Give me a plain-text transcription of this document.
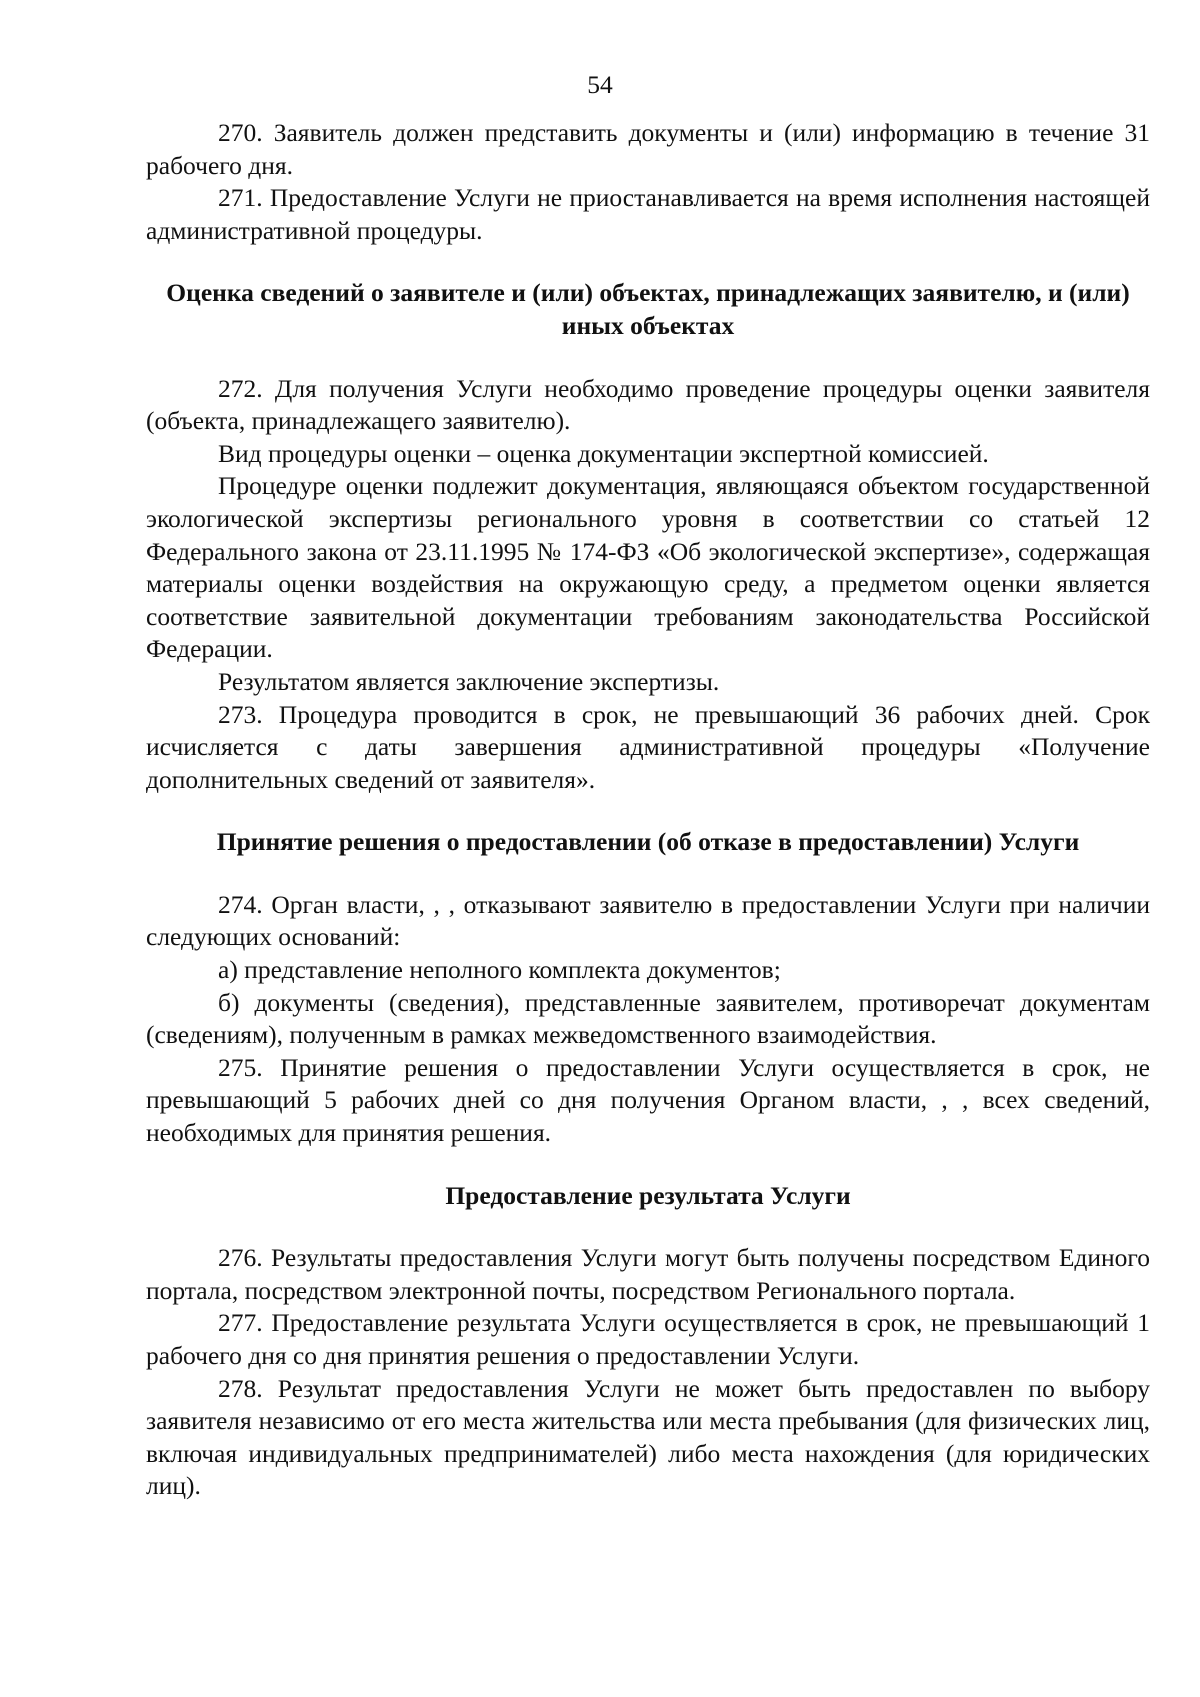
54

270. Заявитель должен представить документы и (или) информацию в течение 31 рабочего дня.

271. Предоставление Услуги не приостанавливается на время исполнения настоящей административной процедуры.

Оценка сведений о заявителе и (или) объектах, принадлежащих заявителю, и (или) иных объектах

272. Для получения Услуги необходимо проведение процедуры оценки заявителя (объекта, принадлежащего заявителю).

Вид процедуры оценки – оценка документации экспертной комиссией.

Процедуре оценки подлежит документация, являющаяся объектом государственной экологической экспертизы регионального уровня в соответствии со статьей 12 Федерального закона от 23.11.1995 № 174-ФЗ «Об экологической экспертизе», содержащая материалы оценки воздействия на окружающую среду, а предметом оценки является соответствие заявительной документации требованиям законодательства Российской Федерации.

Результатом является заключение экспертизы.

273. Процедура проводится в срок, не превышающий 36 рабочих дней. Срок исчисляется с даты завершения административной процедуры «Получение дополнительных сведений от заявителя».

Принятие решения о предоставлении (об отказе в предоставлении) Услуги

274. Орган власти, , , отказывают заявителю в предоставлении Услуги при наличии следующих оснований:

а) представление неполного комплекта документов;

б) документы (сведения), представленные заявителем, противоречат документам (сведениям), полученным в рамках межведомственного взаимодействия.

275. Принятие решения о предоставлении Услуги осуществляется в срок, не превышающий 5 рабочих дней со дня получения Органом власти, , , всех сведений, необходимых для принятия решения.

Предоставление результата Услуги

276. Результаты предоставления Услуги могут быть получены посредством Единого портала, посредством электронной почты, посредством Регионального портала.

277. Предоставление результата Услуги осуществляется в срок, не превышающий 1 рабочего дня со дня принятия решения о предоставлении Услуги.

278. Результат предоставления Услуги не может быть предоставлен по выбору заявителя независимо от его места жительства или места пребывания (для физических лиц, включая индивидуальных предпринимателей) либо места нахождения (для юридических лиц).
